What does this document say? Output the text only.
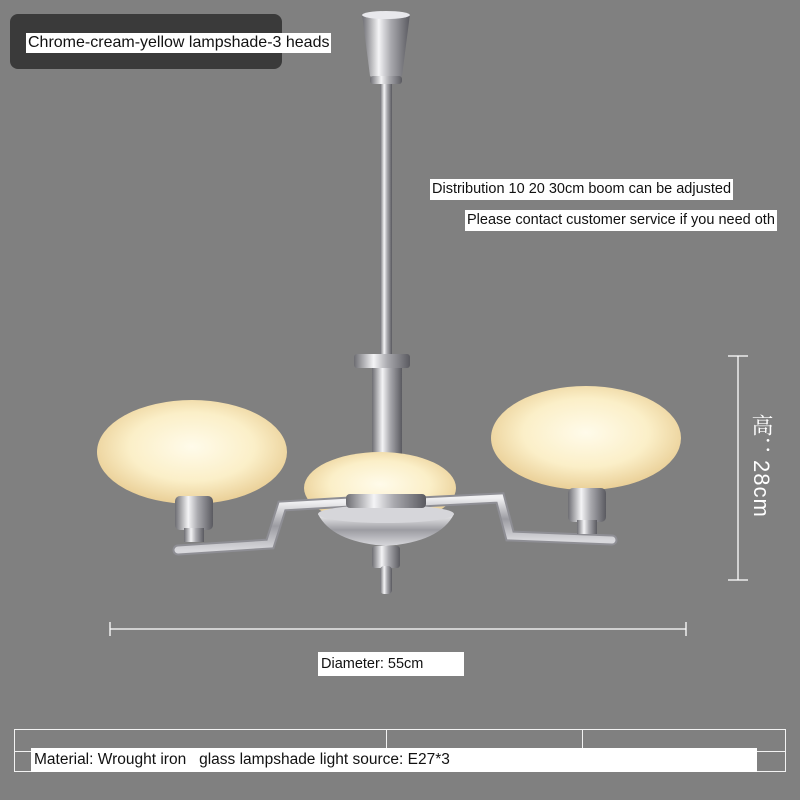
Chrome-cream-yellow lampshade-3 heads
Distribution 10 20 30cm boom can be adjusted
Please contact customer service if you need oth
高：28cm
Diameter: 55cm
Material: Wrought iron   glass lampshade light source: E27*3
